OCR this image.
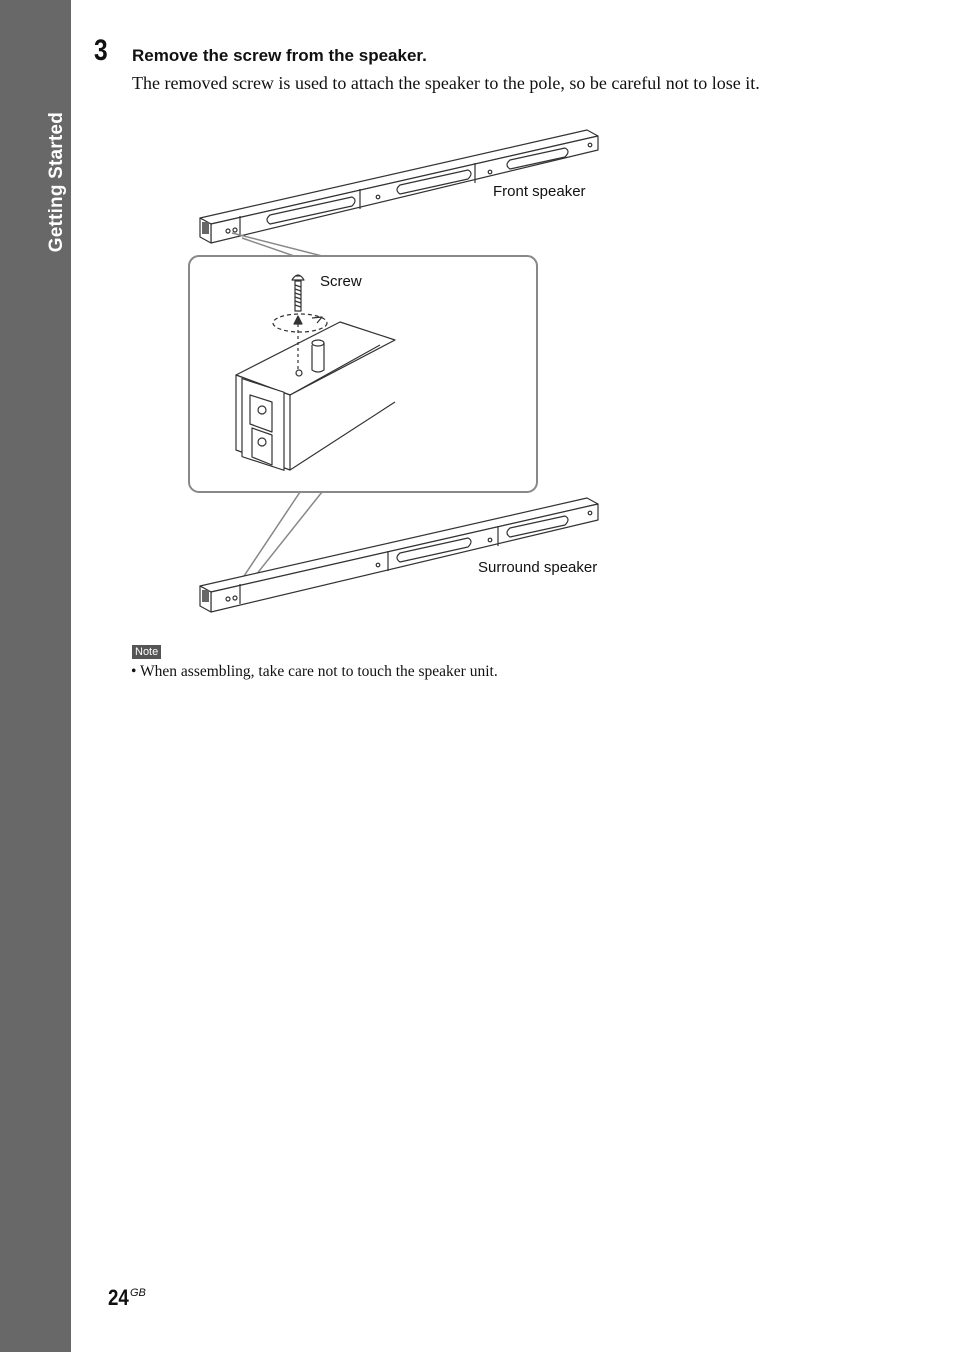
Getting Started
3 Remove the screw from the speaker.
The removed screw is used to attach the speaker to the pole, so be careful not to lose it.
Front speaker
Screw
Surround speaker
Note
• When assembling, take care not to touch the speaker unit.
24 GB
